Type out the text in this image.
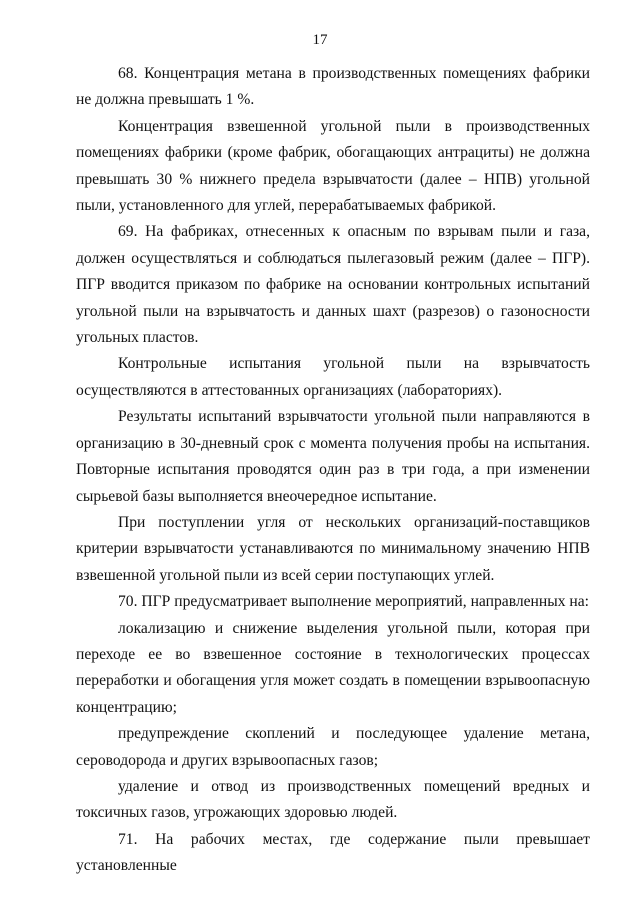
17

68. Концентрация метана в производственных помещениях фабрики не должна превышать 1 %.

Концентрация взвешенной угольной пыли в производственных помещениях фабрики (кроме фабрик, обогащающих антрациты) не должна превышать 30 % нижнего предела взрывчатости (далее – НПВ) угольной пыли, установленного для углей, перерабатываемых фабрикой.

69. На фабриках, отнесенных к опасным по взрывам пыли и газа, должен осуществляться и соблюдаться пылегазовый режим (далее – ПГР). ПГР вводится приказом по фабрике на основании контрольных испытаний угольной пыли на взрывчатость и данных шахт (разрезов) о газоносности угольных пластов.

Контрольные испытания угольной пыли на взрывчатость осуществляются в аттестованных организациях (лабораториях).

Результаты испытаний взрывчатости угольной пыли направляются в организацию в 30-дневный срок с момента получения пробы на испытания. Повторные испытания проводятся один раз в три года, а при изменении сырьевой базы выполняется внеочередное испытание.

При поступлении угля от нескольких организаций-поставщиков критерии взрывчатости устанавливаются по минимальному значению НПВ взвешенной угольной пыли из всей серии поступающих углей.

70. ПГР предусматривает выполнение мероприятий, направленных на:

локализацию и снижение выделения угольной пыли, которая при переходе ее во взвешенное состояние в технологических процессах переработки и обогащения угля может создать в помещении взрывоопасную концентрацию;

предупреждение скоплений и последующее удаление метана, сероводорода и других взрывоопасных газов;

удаление и отвод из производственных помещений вредных и токсичных газов, угрожающих здоровью людей.

71. На рабочих местах, где содержание пыли превышает установленные
